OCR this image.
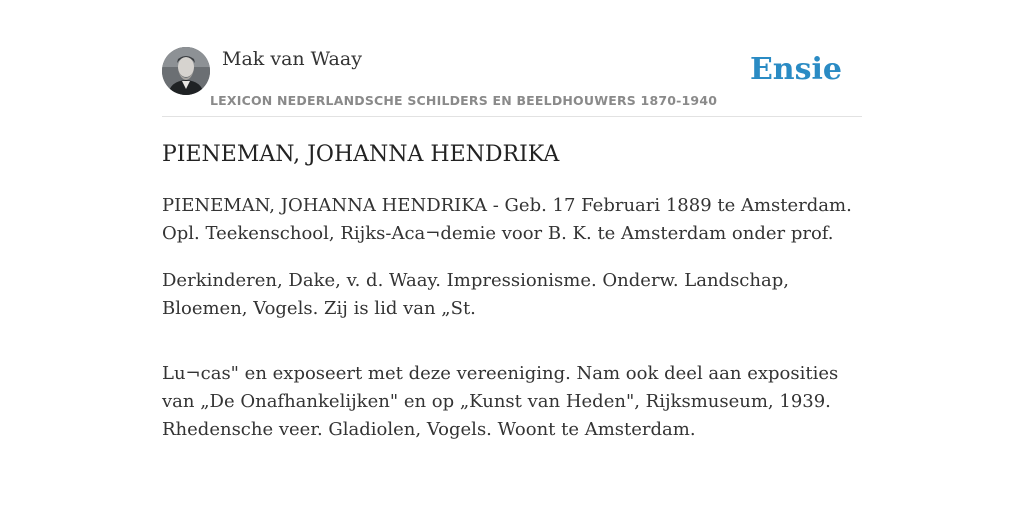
Mak van Waay
LEXICON NEDERLANDSCHE SCHILDERS EN BEELDHOUWERS 1870-1940
Ensie
PIENEMAN, JOHANNA HENDRIKA

PIENEMAN, JOHANNA HENDRIKA - Geb. 17 Februari 1889 te Amsterdam. Opl. Teekenschool, Rijks-Aca¬demie voor B. K. te Amsterdam onder prof.

Derkinderen, Dake, v. d. Waay. Impressionisme. Onderw. Landschap, Bloemen, Vogels. Zij is lid van „St.

Lu¬cas" en exposeert met deze vereeniging. Nam ook deel aan exposities van „De Onafhankelijken" en op „Kunst van Heden", Rijksmuseum, 1939. Rhedensche veer. Gladiolen, Vogels. Woont te Amsterdam.
